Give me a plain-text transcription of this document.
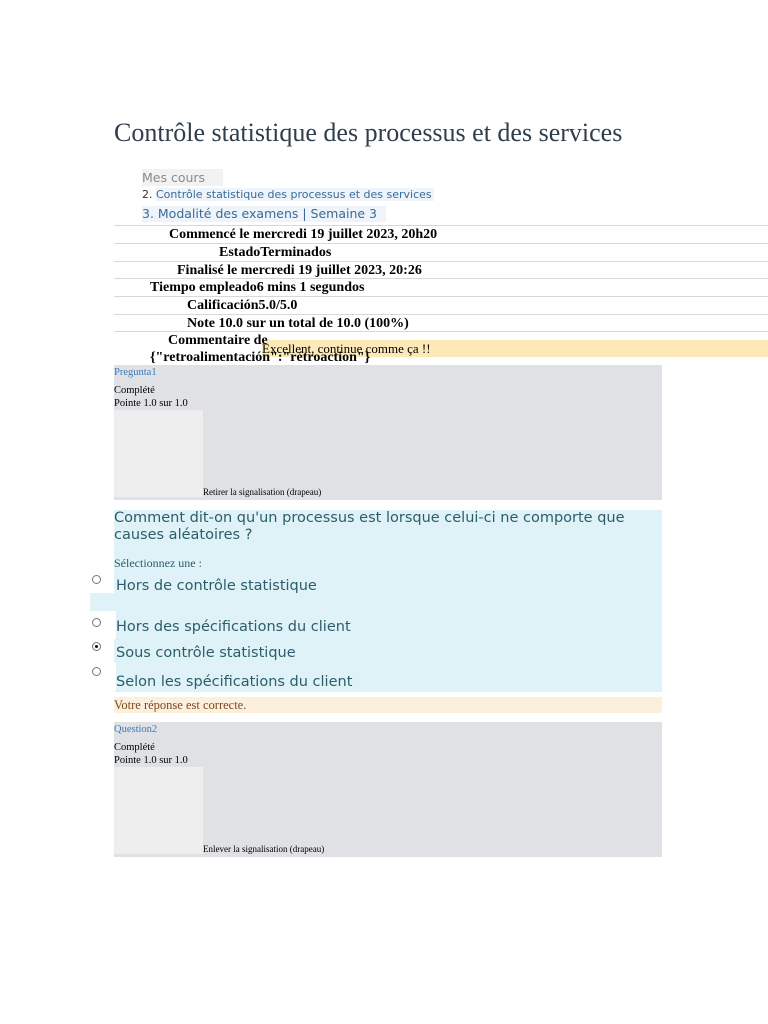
Contrôle statistique des processus et des services
Mes cours
2. Contrôle statistique des processus et des services
3. Modalité des examens | Semaine 3
Commencé le mercredi 19 juillet 2023, 20h20
EstadoTerminados
Finalisé le mercredi 19 juillet 2023, 20:26
Tiempo empleado6 mins 1 segundos
Calificación5.0/5.0
Note 10.0 sur un total de 10.0 (100%)
Excellent, continue comme ça !!
Commentaire de
{"retroalimentación":"rétroaction"}
Pregunta1
Complété
Pointe 1.0 sur 1.0
Retirer la signalisation (drapeau)
Comment dit-on qu'un processus est lorsque celui-ci ne comporte que causes aléatoires ?
Sélectionnez une :
Hors de contrôle statistique
Hors des spécifications du client
Sous contrôle statistique
Selon les spécifications du client
Votre réponse est correcte.
Question2
Complété
Pointe 1.0 sur 1.0
Enlever la signalisation (drapeau)
